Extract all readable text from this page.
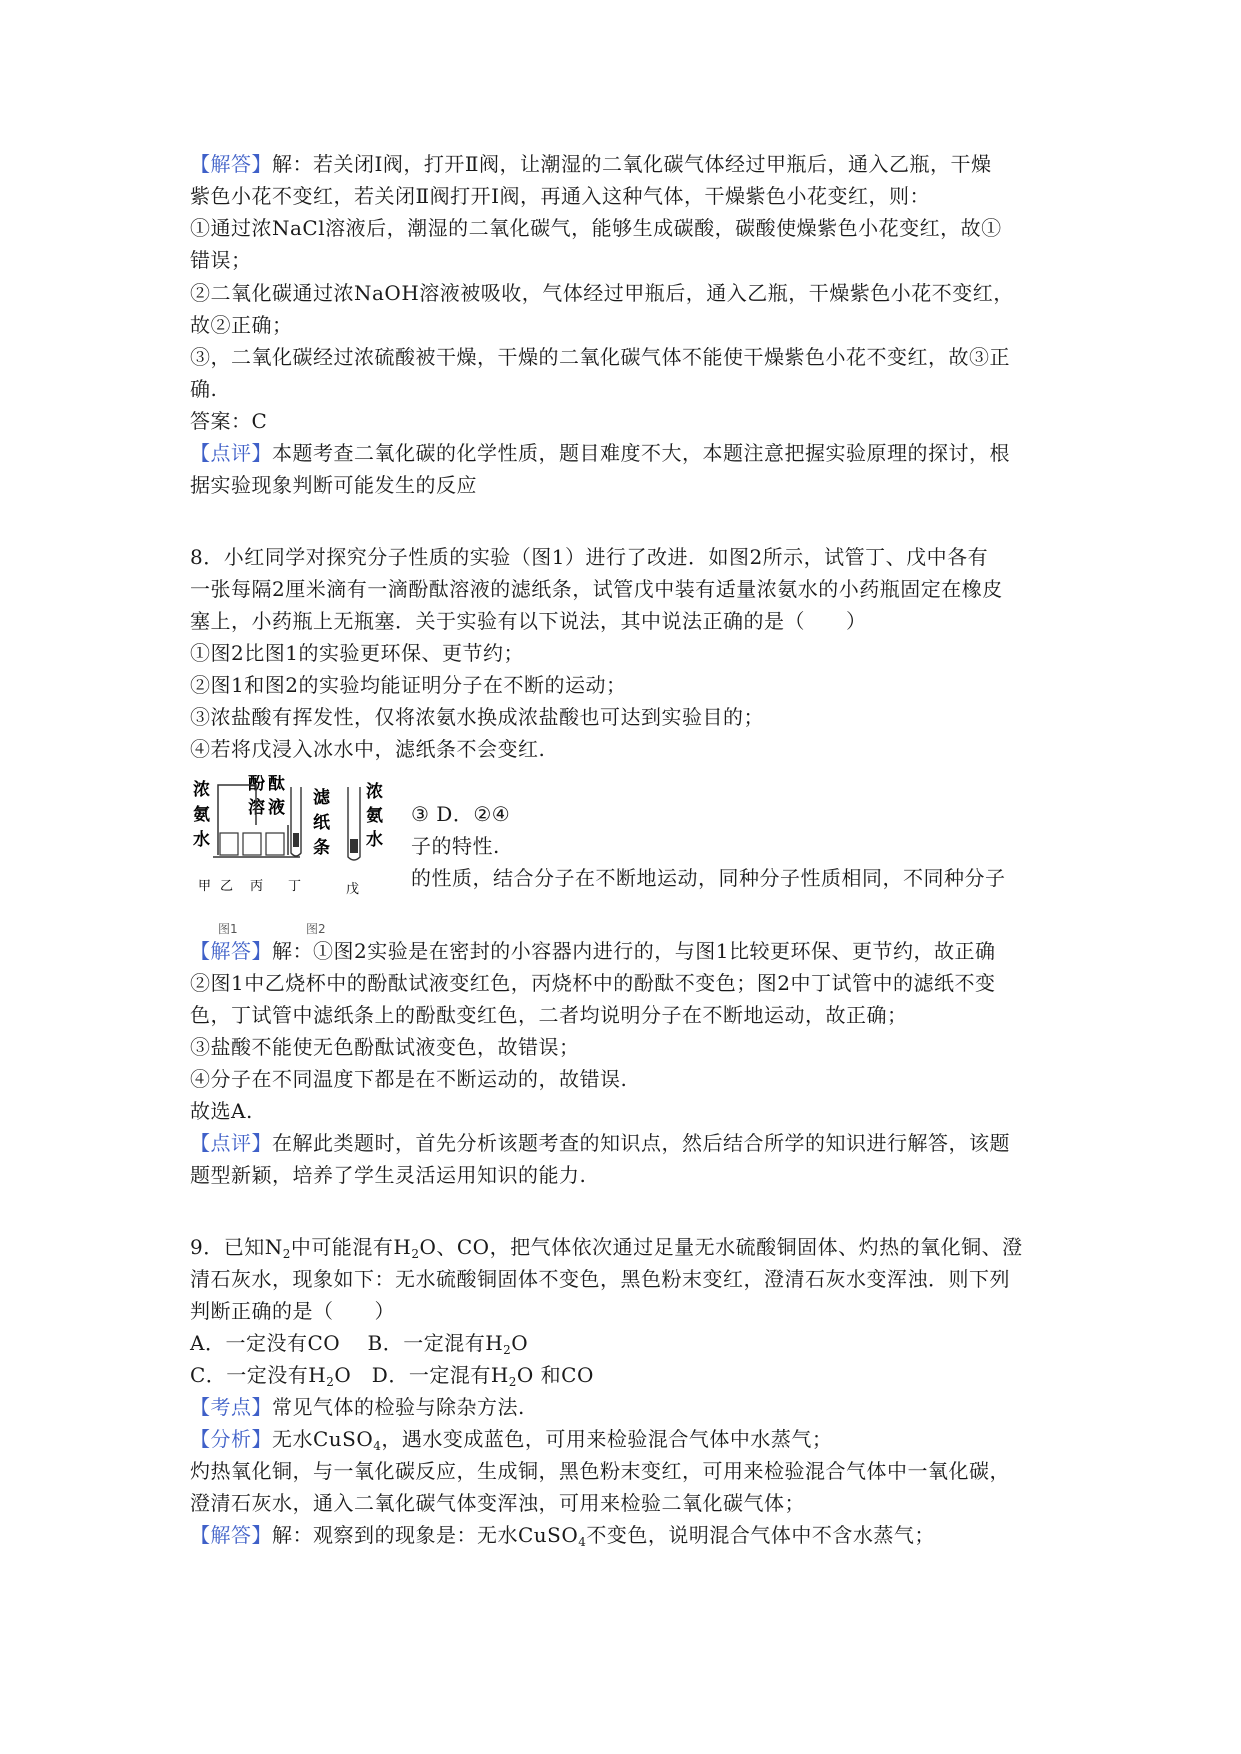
【解答】解：若关闭Ⅰ阀，打开Ⅱ阀，让潮湿的二氧化碳气体经过甲瓶后，通入乙瓶，干燥
紫色小花不变红，若关闭Ⅱ阀打开Ⅰ阀，再通入这种气体，干燥紫色小花变红，则：
①通过浓NaCl溶液后，潮湿的二氧化碳气，能够生成碳酸，碳酸使燥紫色小花变红，故①
错误；
②二氧化碳通过浓NaOH溶液被吸收，气体经过甲瓶后，通入乙瓶，干燥紫色小花不变红，
故②正确；
③，二氧化碳经过浓硫酸被干燥，干燥的二氧化碳气体不能使干燥紫色小花不变红，故③正
确.
答案：C
【点评】本题考查二氧化碳的化学性质，题目难度不大，本题注意把握实验原理的探讨，根
据实验现象判断可能发生的反应
8．小红同学对探究分子性质的实验（图1）进行了改进．如图2所示，试管丁、戊中各有
一张每隔2厘米滴有一滴酚酞溶液的滤纸条，试管戊中装有适量浓氨水的小药瓶固定在橡皮
塞上，小药瓶上无瓶塞．关于实验有以下说法，其中说法正确的是（　　）
①图2比图1的实验更环保、更节约；
②图1和图2的实验均能证明分子在不断的运动；
③浓盐酸有挥发性，仅将浓氨水换成浓盐酸也可达到实验目的；
④若将戊浸入冰水中，滤纸条不会变红.
③ D．②④
子的特性.
的性质，结合分子在不断地运动，同种分子性质相同，不同种分子
浓
氨
水
酚 酞
溶 液 滤
纸
条
浓
氨
水
甲 乙 丙 丁	戊
图1	图2
【解答】解：①图2实验是在密封的小容器内进行的，与图1比较更环保、更节约，故正确
②图1中乙烧杯中的酚酞试液变红色，丙烧杯中的酚酞不变色；图2中丁试管中的滤纸不变
色，丁试管中滤纸条上的酚酞变红色，二者均说明分子在不断地运动，故正确；
③盐酸不能使无色酚酞试液变色，故错误；
④分子在不同温度下都是在不断运动的，故错误.
故选A.
【点评】在解此类题时，首先分析该题考查的知识点，然后结合所学的知识进行解答，该题
题型新颖，培养了学生灵活运用知识的能力.
9．已知$N_2$中可能混有$H_2O$、CO，把气体依次通过足量无水硫酸铜固体、灼热的氧化铜、澄
清石灰水，现象如下：无水硫酸铜固体不变色，黑色粉末变红，澄清石灰水变浑浊．则下列
判断正确的是（　　）
A．一定没有CO　 B．一定混有$H_2O$
C．一定没有$H_2O$　D．一定混有$H_2O$ 和CO
【考点】常见气体的检验与除杂方法.
【分析】无水CuSO$_4$，遇水变成蓝色，可用来检验混合气体中水蒸气；
灼热氧化铜，与一氧化碳反应，生成铜，黑色粉末变红，可用来检验混合气体中一氧化碳，
澄清石灰水，通入二氧化碳气体变浑浊，可用来检验二氧化碳气体；
【解答】解：观察到的现象是：无水CuSO$_4$不变色，说明混合气体中不含水蒸气；
